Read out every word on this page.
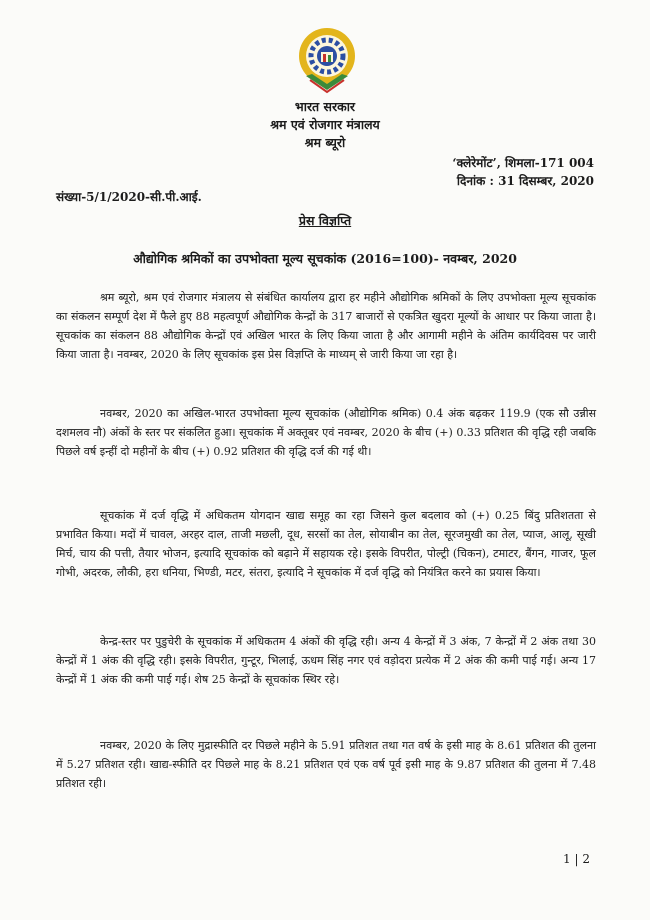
भारत सरकार
श्रम एवं रोजगार मंत्रालय
श्रम ब्यूरो
‘क्लेरेमोंट’, शिमला-171 004
दिनांक : 31 दिसम्बर, 2020
संख्या-5/1/2020-सी.पी.आई.
प्रेस विज्ञप्ति
औद्योगिक श्रमिकों का उपभोक्ता मूल्य सूचकांक (2016=100)- नवम्बर, 2020

श्रम ब्यूरो, श्रम एवं रोजगार मंत्रालय से संबंधित कार्यालय द्वारा हर महीने औद्योगिक श्रमिकों के लिए उपभोक्ता मूल्य सूचकांक का संकलन सम्पूर्ण देश में फैले हुए 88 महत्वपूर्ण औद्योगिक केन्द्रों के 317 बाजारों से एकत्रित खुदरा मूल्यों के आधार पर किया जाता है। सूचकांक का संकलन 88 औद्योगिक केन्द्रों एवं अखिल भारत के लिए किया जाता है और आगामी महीने के अंतिम कार्यदिवस पर जारी किया जाता है। नवम्बर, 2020 के लिए सूचकांक इस प्रेस विज्ञप्ति के माध्यम् से जारी किया जा रहा है।

नवम्बर, 2020 का अखिल-भारत उपभोक्ता मूल्य सूचकांक (औद्योगिक श्रमिक) 0.4 अंक बढ़कर 119.9 (एक सौ उन्नीस दशमलव नौ) अंकों के स्तर पर संकलित हुआ। सूचकांक में अक्तूबर एवं नवम्बर, 2020 के बीच (+) 0.33 प्रतिशत की वृद्धि रही जबकि पिछले वर्ष इन्हीं दो महीनों के बीच (+) 0.92 प्रतिशत की वृद्धि दर्ज की गई थी।

सूचकांक में दर्ज वृद्धि में अधिकतम योगदान खाद्य समूह का रहा जिसने कुल बदलाव को (+) 0.25 बिंदु प्रतिशतता से प्रभावित किया। मदों में चावल, अरहर दाल, ताजी मछली, दूध, सरसों का तेल, सोयाबीन का तेल, सूरजमुखी का तेल, प्याज, आलू, सूखी मिर्च, चाय की पत्ती, तैयार भोजन, इत्यादि सूचकांक को बढ़ाने में सहायक रहे। इसके विपरीत, पोल्ट्री (चिकन), टमाटर, बैंगन, गाजर, फूल गोभी, अदरक, लौकी, हरा धनिया, भिण्डी, मटर, संतरा, इत्यादि ने सूचकांक में दर्ज वृद्धि को नियंत्रित करने का प्रयास किया।

केन्द्र-स्तर पर पुडुचेरी के सूचकांक में अधिकतम 4 अंकों की वृद्धि रही। अन्य 4 केन्द्रों में 3 अंक, 7 केन्द्रों में 2 अंक तथा 30 केन्द्रों में 1 अंक की वृद्धि रही। इसके विपरीत, गुन्टूर, भिलाई, ऊधम सिंह नगर एवं वड़ोदरा प्रत्येक में 2 अंक की कमी पाई गई। अन्य 17 केन्द्रों में 1 अंक की कमी पाई गई। शेष 25 केन्द्रों के सूचकांक स्थिर रहे।

नवम्बर, 2020 के लिए मुद्रास्फीति दर पिछले महीने के 5.91 प्रतिशत तथा गत वर्ष के इसी माह के 8.61 प्रतिशत की तुलना में 5.27 प्रतिशत रही। खाद्य-स्फीति दर पिछले माह के 8.21 प्रतिशत एवं एक वर्ष पूर्व इसी माह के 9.87 प्रतिशत की तुलना में 7.48 प्रतिशत रही।

1 | 2
